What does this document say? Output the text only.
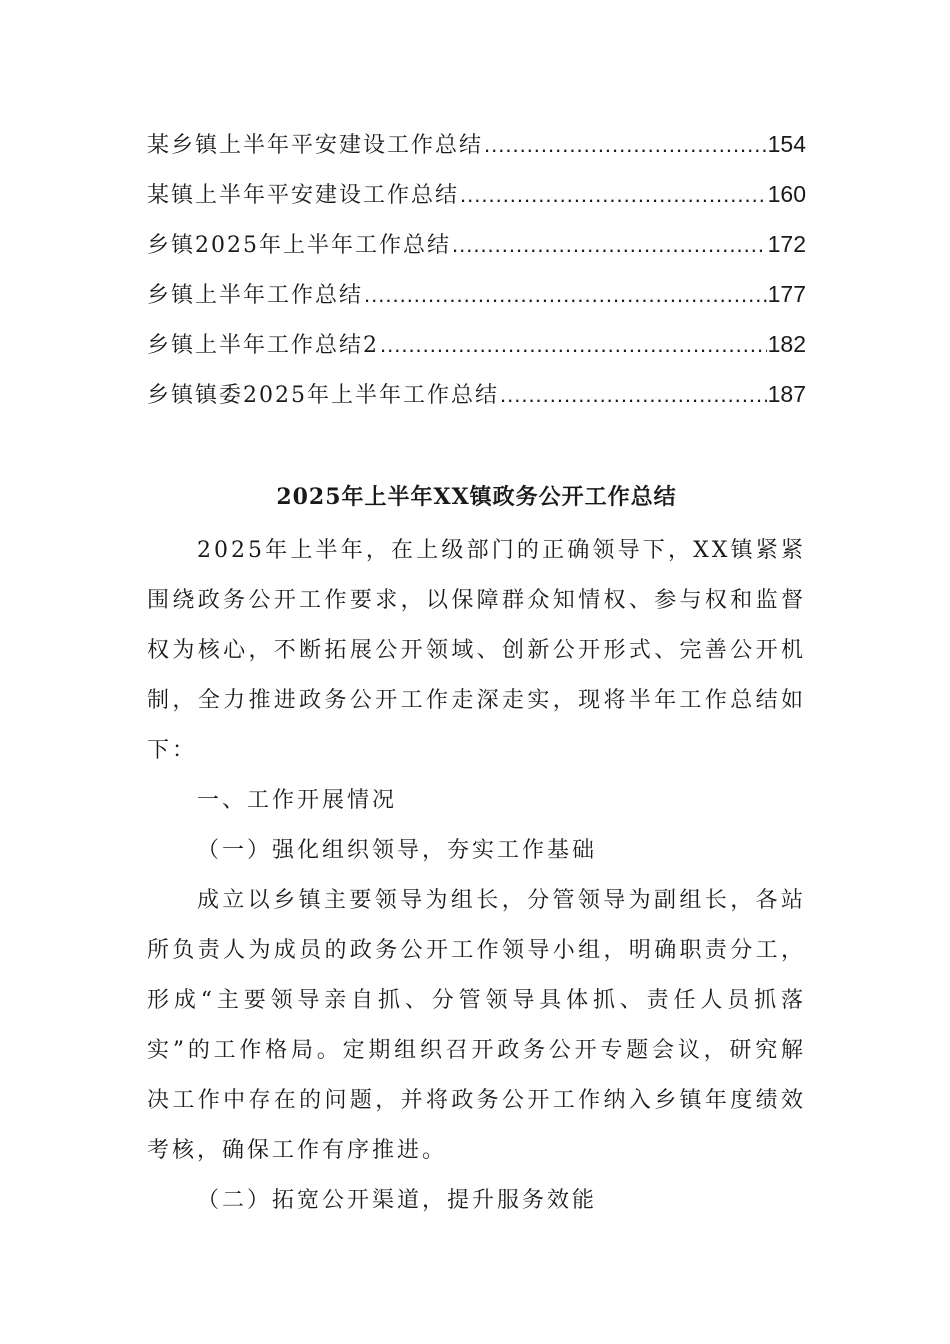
某乡镇上半年平安建设工作总结 .....	154
某镇上半年平安建设工作总结 .....	160
乡镇2025年上半年工作总结 .....	172
乡镇上半年工作总结 .....	177
乡镇上半年工作总结2 .....	182
乡镇镇委2025年上半年工作总结 .....	187
2025年上半年XX镇政务公开工作总结

2025年上半年，在上级部门的正确领导下，XX镇紧紧围绕政务公开工作要求，以保障群众知情权、参与权和监督权为核心，不断拓展公开领域、创新公开形式、完善公开机制，全力推进政务公开工作走深走实，现将半年工作总结如下：

一、工作开展情况

（一）强化组织领导，夯实工作基础

成立以乡镇主要领导为组长，分管领导为副组长，各站所负责人为成员的政务公开工作领导小组，明确职责分工，形成“主要领导亲自抓、分管领导具体抓、责任人员抓落实”的工作格局。定期组织召开政务公开专题会议，研究解决工作中存在的问题，并将政务公开工作纳入乡镇年度绩效考核，确保工作有序推进。

（二）拓宽公开渠道，提升服务效能
